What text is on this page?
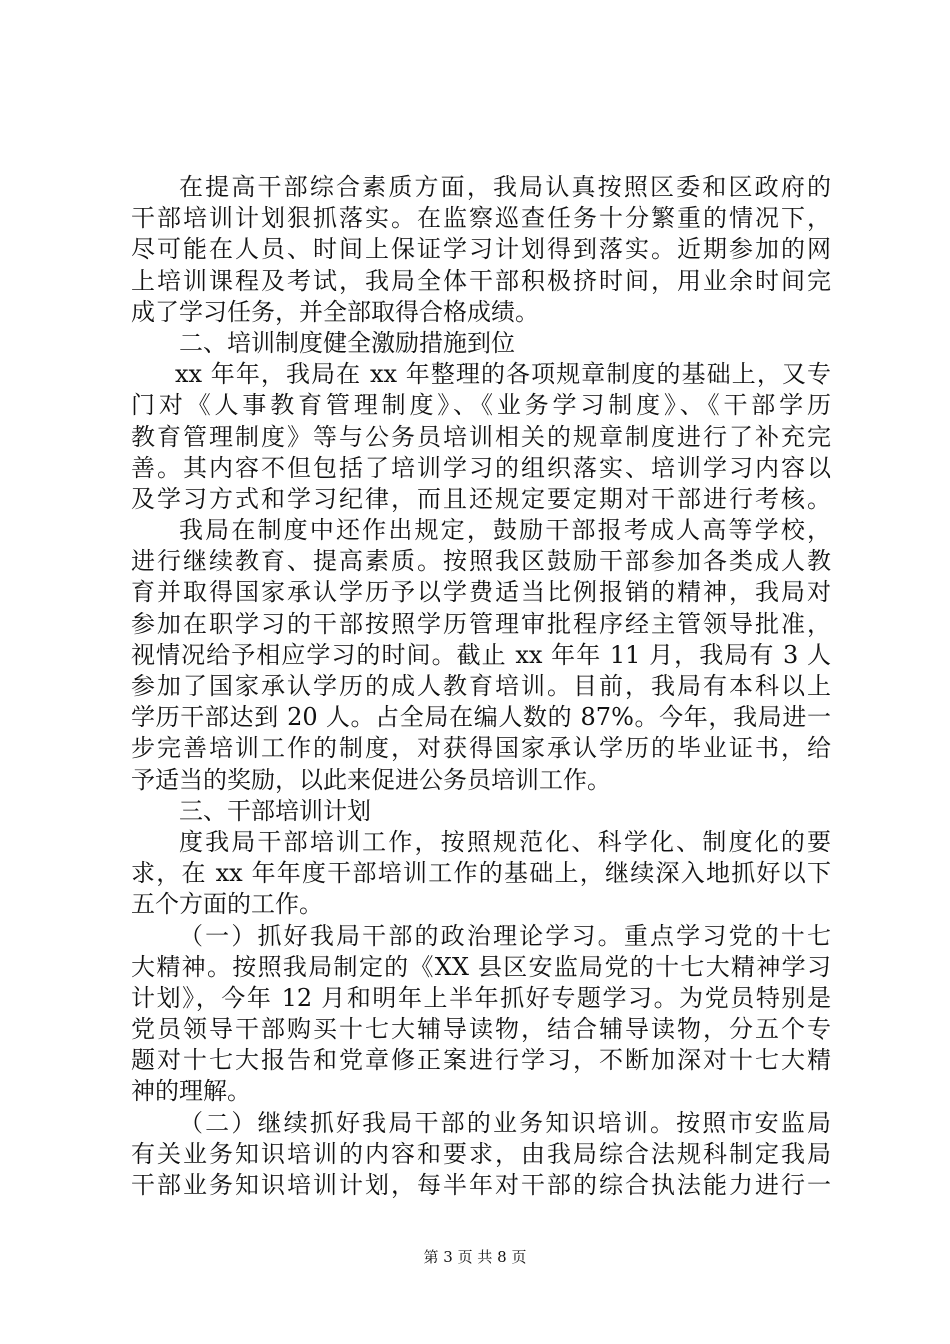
在提高干部综合素质方面，我局认真按照区委和区政府的
干部培训计划狠抓落实。在监察巡查任务十分繁重的情况下，
尽可能在人员、时间上保证学习计划得到落实。近期参加的网
上培训课程及考试，我局全体干部积极挤时间，用业余时间完
成了学习任务，并全部取得合格成绩。
二、培训制度健全激励措施到位
xx 年年，我局在 xx 年整理的各项规章制度的基础上，又专
门对《人事教育管理制度》、《业务学习制度》、《干部学历
教育管理制度》等与公务员培训相关的规章制度进行了补充完
善。其内容不但包括了培训学习的组织落实、培训学习内容以
及学习方式和学习纪律，而且还规定要定期对干部进行考核。
我局在制度中还作出规定，鼓励干部报考成人高等学校，
进行继续教育、提高素质。按照我区鼓励干部参加各类成人教
育并取得国家承认学历予以学费适当比例报销的精神，我局对
参加在职学习的干部按照学历管理审批程序经主管领导批准，
视情况给予相应学习的时间。截止 xx 年年 11 月，我局有 3 人
参加了国家承认学历的成人教育培训。目前，我局有本科以上
学历干部达到 20 人。占全局在编人数的 87%。今年，我局进一
步完善培训工作的制度，对获得国家承认学历的毕业证书，给
予适当的奖励，以此来促进公务员培训工作。
三、干部培训计划
度我局干部培训工作，按照规范化、科学化、制度化的要
求，在 xx 年年度干部培训工作的基础上，继续深入地抓好以下
五个方面的工作。
（一）抓好我局干部的政治理论学习。重点学习党的十七
大精神。按照我局制定的《XX 县区安监局党的十七大精神学习
计划》，今年 12 月和明年上半年抓好专题学习。为党员特别是
党员领导干部购买十七大辅导读物，结合辅导读物，分五个专
题对十七大报告和党章修正案进行学习，不断加深对十七大精
神的理解。
（二）继续抓好我局干部的业务知识培训。按照市安监局
有关业务知识培训的内容和要求，由我局综合法规科制定我局
干部业务知识培训计划，每半年对干部的综合执法能力进行一
第 3 页 共 8 页
